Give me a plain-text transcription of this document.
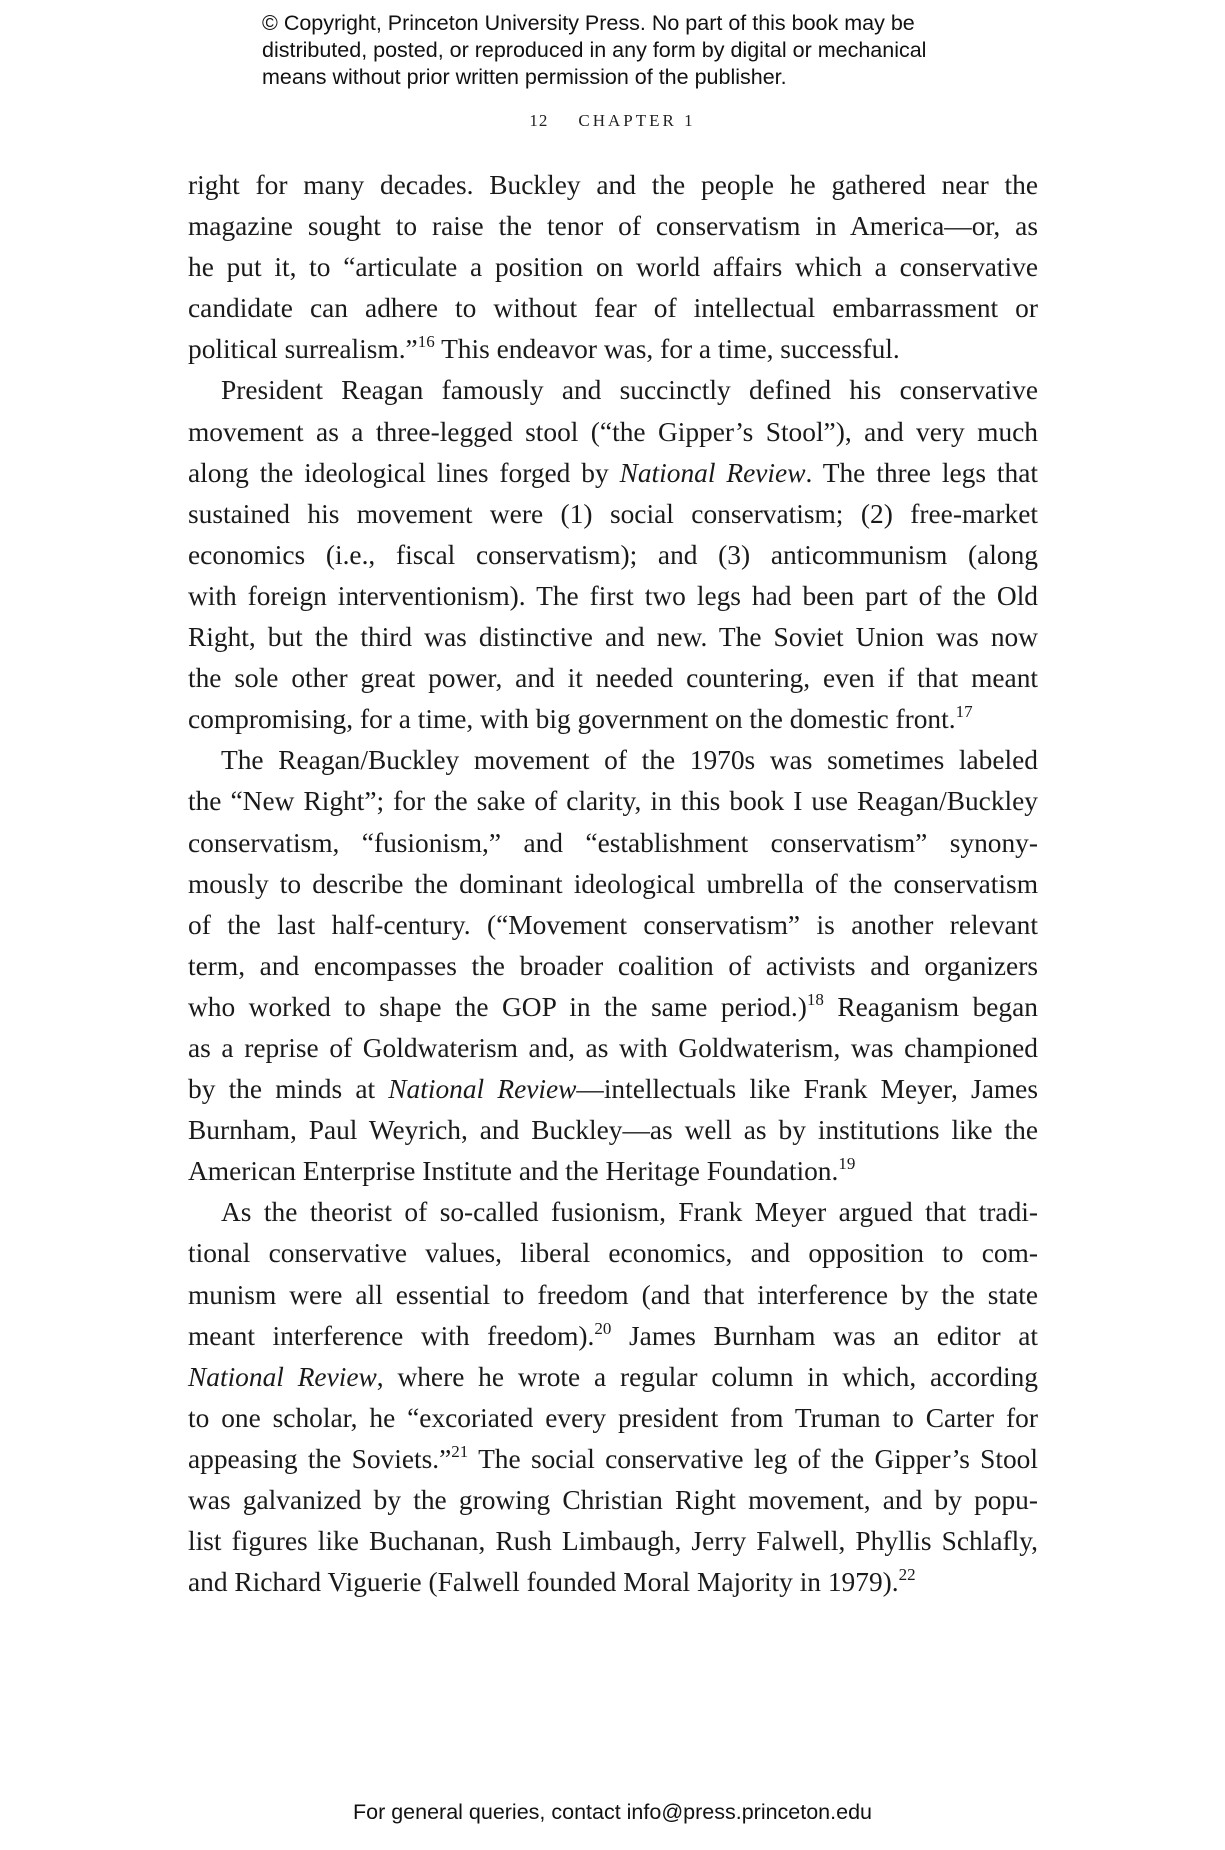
© Copyright, Princeton University Press. No part of this book may be
distributed, posted, or reproduced in any form by digital or mechanical
means without prior written permission of the publisher.
12 CHAPTER 1
right for many decades. Buckley and the people he gathered near the
magazine sought to raise the tenor of conservatism in America—or, as
he put it, to “articulate a position on world affairs which a conservative
candidate can adhere to without fear of intellectual embarrassment or
political surrealism.”$^{16}$ This endeavor was, for a time, successful.
President Reagan famously and succinctly defined his conservative
movement as a three-legged stool (“the Gipper’s Stool”), and very much
along the ideological lines forged by National Review. The three legs that
sustained his movement were (1) social conservatism; (2) free-market
economics (i.e., fiscal conservatism); and (3) anticommunism (along
with foreign interventionism). The first two legs had been part of the Old
Right, but the third was distinctive and new. The Soviet Union was now
the sole other great power, and it needed countering, even if that meant
compromising, for a time, with big government on the domestic front.$^{17}$
The Reagan/Buckley movement of the 1970s was sometimes labeled
the “New Right”; for the sake of clarity, in this book I use Reagan/Buckley
conservatism, “fusionism,” and “establishment conservatism” synony-
mously to describe the dominant ideological umbrella of the conservatism
of the last half-century. (“Movement conservatism” is another relevant
term, and encompasses the broader coalition of activists and organizers
who worked to shape the GOP in the same period.)$^{18}$ Reaganism began
as a reprise of Goldwaterism and, as with Goldwaterism, was championed
by the minds at National Review—intellectuals like Frank Meyer, James
Burnham, Paul Weyrich, and Buckley—as well as by institutions like the
American Enterprise Institute and the Heritage Foundation.$^{19}$
As the theorist of so-called fusionism, Frank Meyer argued that tradi-
tional conservative values, liberal economics, and opposition to com-
munism were all essential to freedom (and that interference by the state
meant interference with freedom).$^{20}$ James Burnham was an editor at
National Review, where he wrote a regular column in which, according
to one scholar, he “excoriated every president from Truman to Carter for
appeasing the Soviets.”$^{21}$ The social conservative leg of the Gipper’s Stool
was galvanized by the growing Christian Right movement, and by popu-
list figures like Buchanan, Rush Limbaugh, Jerry Falwell, Phyllis Schlafly,
and Richard Viguerie (Falwell founded Moral Majority in 1979).$^{22}$
For general queries, contact info@press.princeton.edu
